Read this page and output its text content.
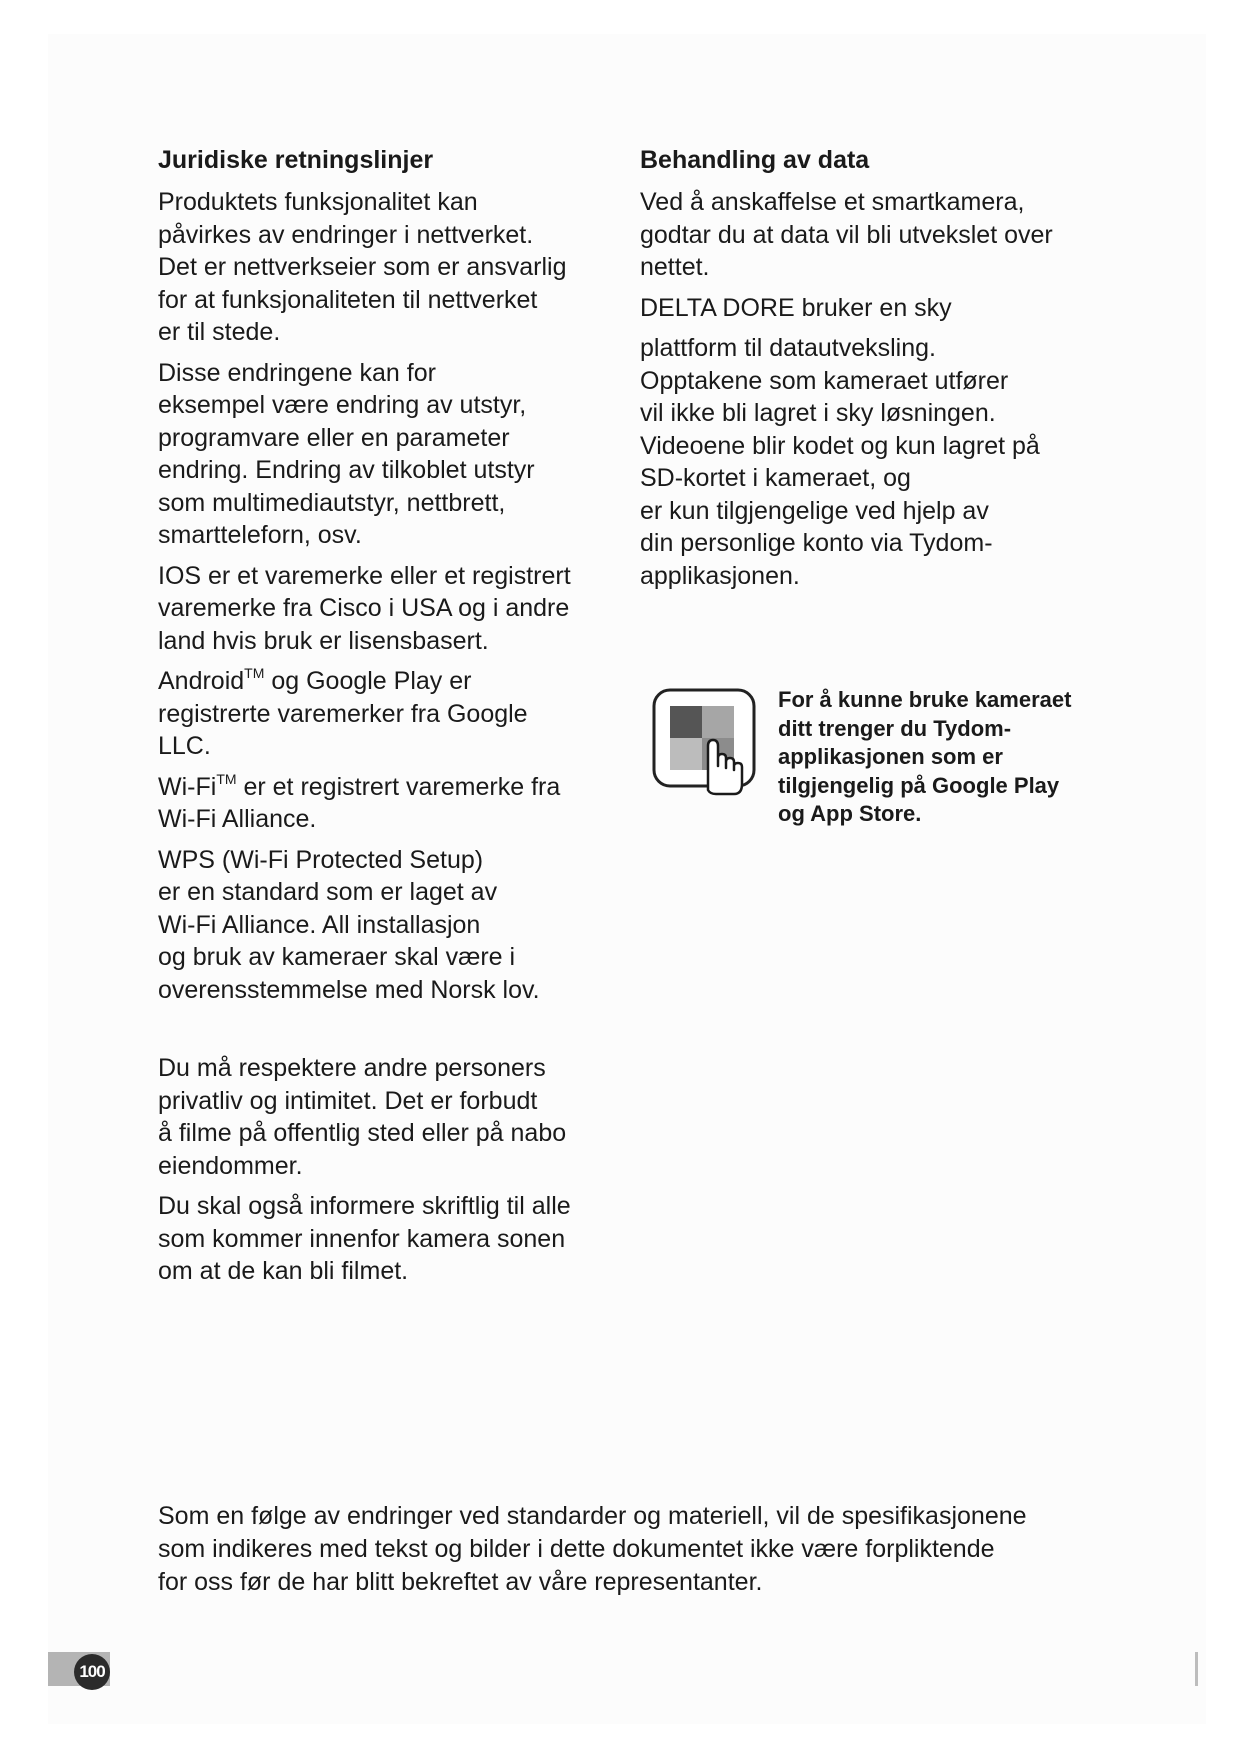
Juridiske retningslinjer

Produktets funksjonalitet kan
påvirkes av endringer i nettverket.
Det er nettverkseier som er ansvarlig
for at funksjonaliteten til nettverket
er til stede.

Disse endringene kan for
eksempel være endring av utstyr,
programvare eller en parameter
endring. Endring av tilkoblet utstyr
som multimediautstyr, nettbrett,
smartteleforn, osv.

IOS er et varemerke eller et registrert
varemerke fra Cisco i USA og i andre
land hvis bruk er lisensbasert.

Android™ og Google Play er
registrerte varemerker fra Google
LLC.

Wi-Fi™ er et registrert varemerke fra
Wi-Fi Alliance.

WPS (Wi-Fi Protected Setup)
er en standard som er laget av
Wi-Fi Alliance. All installasjon
og bruk av kameraer skal være i
overensstemmelse med Norsk lov.

Du må respektere andre personers
privatliv og intimitet. Det er forbudt
å filme på offentlig sted eller på nabo
eiendommer.

Du skal også informere skriftlig til alle
som kommer innenfor kamera sonen
om at de kan bli filmet.

Behandling av data

Ved å anskaffelse et smartkamera,
godtar du at data vil bli utvekslet over
nettet.

DELTA DORE bruker en sky

plattform til datautveksling.
Opptakene som kameraet utfører
vil ikke bli lagret i sky løsningen.
Videoene blir kodet og kun lagret på
SD-kortet i kameraet, og
er kun tilgjengelige ved hjelp av
din personlige konto via Tydom-
applikasjonen.

For å kunne bruke kameraet
ditt trenger du Tydom-
applikasjonen som er
tilgjengelig på Google Play
og App Store.

Som en følge av endringer ved standarder og materiell, vil de spesifikasjonene
som indikeres med tekst og bilder i dette dokumentet ikke være forpliktende
for oss før de har blitt bekreftet av våre representanter.

100
